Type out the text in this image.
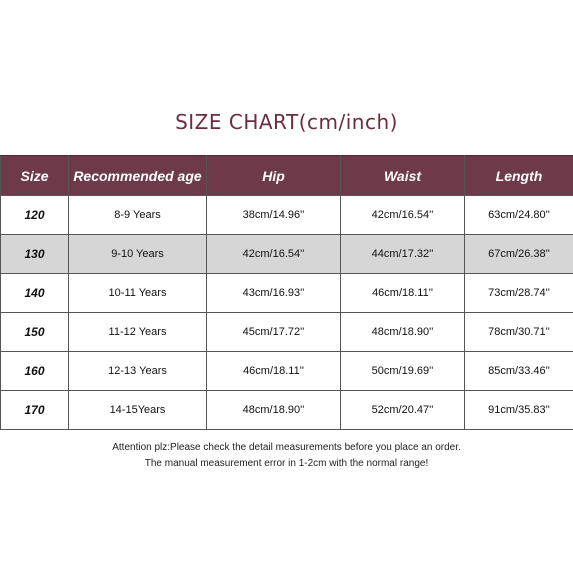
SIZE CHART(cm/inch)
Size	Recommended age	Hip	Waist	Length
120	8-9 Years	38cm/14.96''	42cm/16.54''	63cm/24.80''
130	9-10 Years	42cm/16.54''	44cm/17.32''	67cm/26.38''
140	10-11 Years	43cm/16.93''	46cm/18.11''	73cm/28.74''
150	11-12 Years	45cm/17.72''	48cm/18.90''	78cm/30.71''
160	12-13 Years	46cm/18.11''	50cm/19.69''	85cm/33.46''
170	14-15Years	48cm/18.90''	52cm/20.47''	91cm/35.83''
Attention plz:Please check the detail measurements before you place an order.
The manual measurement error in 1-2cm with the normal range!
